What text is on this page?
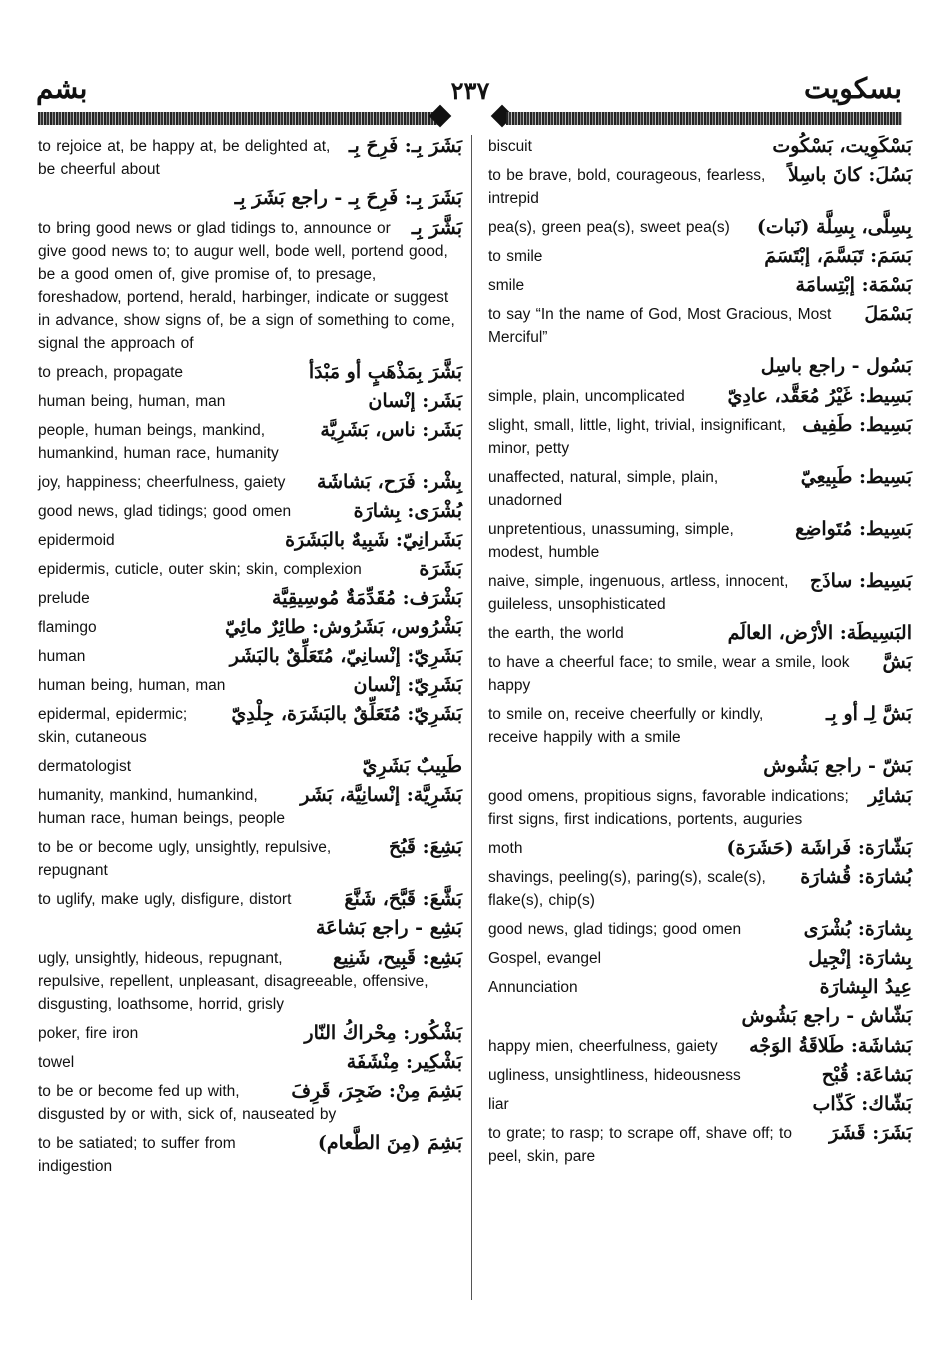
بشم	٢٣٧	بسكويت
بَشَرَ بِـ: فَرِحَ بِـ
to rejoice at, be happy at, be delighted at, be cheerful about
بَشَرَ بِـ: فَرِحَ بِـ - راجع بَشَرَ بِـ
بَشَّرَ بِـ
to bring good news or glad tidings to, announce or give good news to; to augur well, bode well, portend good, be a good omen of, give promise of, to presage, foreshadow, portend, herald, harbinger, indicate or suggest in advance, show signs of, be a sign of something to come, signal the approach of
بَشَّرَ بِمَذْهَبٍ أو مَبْدَأ
to preach, propagate
بَشَر: إنْسان
human being, human, man
بَشَر: ناس، بَشَرِيَّة
people, human beings, mankind, humankind, human race, humanity
بِشْر: فَرَح، بَشاشَة
joy, happiness; cheerfulness, gaiety
بُشْرَى: بِشارَة
good news, glad tidings; good omen
بَشَرانِيّ: شَبِيهٌ بالبَشَرَة
epidermoid
بَشَرَة
epidermis, cuticle, outer skin; skin, complexion
بَشْرَف: مُقَدِّمَةٌ مُوسِيقِيَّة
prelude
بَشْرُوس، بَشَرُوش: طائِرٌ مائِيّ
flamingo
بَشَرِيّ: إنْسانِيّ، مُتَعَلِّقٌ بالبَشَر
human
بَشَرِيّ: إنْسان
human being, human, man
بَشَرِيّ: مُتَعَلِّقٌ بالبَشَرَة، جِلْدِيّ
epidermal, epidermic; skin, cutaneous
طَبِيبٌ بَشَرِيّ
dermatologist
بَشَرِيَّة: إنْسانِيَّة، بَشَر
humanity, mankind, humankind, human race, human beings, people
بَشِعَ: قَبُحَ
to be or become ugly, unsightly, repulsive, repugnant
بَشَّعَ: قَبَّحَ، شَنَّعَ
to uglify, make ugly, disfigure, distort
بَشِع - راجع بَشاعَة
بَشِع: قَبِيح، شَنِيع
ugly, unsightly, hideous, repugnant, repulsive, repellent, unpleasant, disagreeable, offensive, disgusting, loathsome, horrid, grisly
بَشْكُور: مِحْراكُ النّار
poker, fire iron
بَشْكِير: مِنْشَفَة
towel
بَشِمَ مِنْ: ضَجِرَ، قَرِفَ
to be or become fed up with, disgusted by or with, sick of, nauseated by
بَشِمَ (مِنَ الطَّعام)
to be satiated; to suffer from indigestion
بَسْكَوِيت، بَسْكُوت
biscuit
بَسُلَ: كانَ باسِلاً
to be brave, bold, courageous, fearless, intrepid
بِسِلَّى، بِسِلَّة (نَبات)
pea(s), green pea(s), sweet pea(s)
بَسَمَ: تَبَسَّمَ، إبْتَسَمَ
to smile
بَسْمَة: إبْتِسامَة
smile
بَسْمَلَ
to say “In the name of God, Most Gracious, Most Merciful”
بَسُول - راجع باسِل
بَسِيط: غَيْرُ مُعَقَّد، عادِيّ
simple, plain, uncomplicated
بَسِيط: طَفِيف
slight, small, little, light, trivial, insignificant, minor, petty
بَسِيط: طَبِيعِيّ
unaffected, natural, simple, plain, unadorned
بَسِيط: مُتَواضِع
unpretentious, unassuming, simple, modest, humble
بَسِيط: ساذَج
naive, simple, ingenuous, artless, innocent, guileless, unsophisticated
البَسِيطَة: الأرْض، العالَم
the earth, the world
بَشَّ
to have a cheerful face; to smile, wear a smile, look happy
بَشَّ لِـ أو بِـ
to smile on, receive cheerfully or kindly, receive happily with a smile
بَشّ - راجع بَشُوش
بَشائِر
good omens, propitious signs, favorable indications; first signs, first indications, portents, auguries
بَشّارَة: فَراشَة (حَشَرَة)
moth
بُشارَة: قُشارَة
shavings, peeling(s), paring(s), scale(s), flake(s), chip(s)
بِشارَة: بُشْرَى
good news, glad tidings; good omen
بِشارَة: إنْجِيل
Gospel, evangel
عِيدُ البِشارَة
Annunciation
بَشّاش - راجع بَشُوش
بَشاشَة: طَلاقَةُ الوَجْه
happy mien, cheerfulness, gaiety
بَشاعَة: قُبْح
ugliness, unsightliness, hideousness
بَشّاك: كَذّاب
liar
بَشَرَ: قَشَرَ
to grate; to rasp; to scrape off, shave off; to peel, skin, pare
